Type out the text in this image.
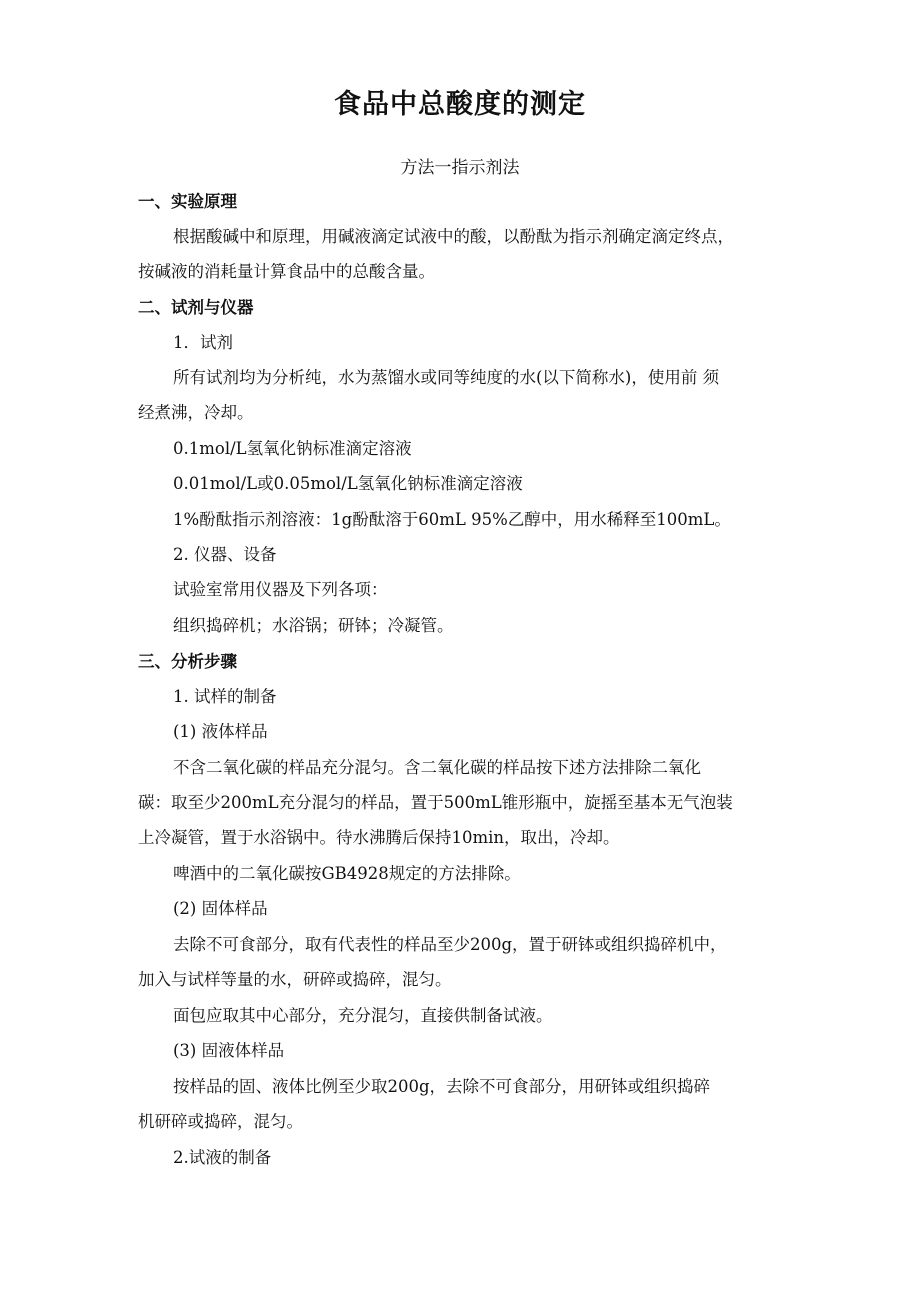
食品中总酸度的测定
方法一指示剂法
一、实验原理
根据酸碱中和原理，用碱液滴定试液中的酸，以酚酞为指示剂确定滴定终点，
按碱液的消耗量计算食品中的总酸含量。
二、试剂与仪器
1．试剂
所有试剂均为分析纯，水为蒸馏水或同等纯度的水(以下简称水)，使用前 须
经煮沸，冷却。
0.1mol/L氢氧化钠标准滴定溶液
0.01mol/L或0.05mol/L氢氧化钠标准滴定溶液
1%酚酞指示剂溶液：1g酚酞溶于60mL 95%乙醇中，用水稀释至100mL。
2. 仪器、设备
试验室常用仪器及下列各项：
组织捣碎机；水浴锅；研钵；冷凝管。
三、分析步骤
1. 试样的制备
(1) 液体样品
不含二氧化碳的样品充分混匀。含二氧化碳的样品按下述方法排除二氧化
碳：取至少200mL充分混匀的样品，置于500mL锥形瓶中，旋摇至基本无气泡装
上冷凝管，置于水浴锅中。待水沸腾后保持10min，取出，冷却。
啤酒中的二氧化碳按GB4928规定的方法排除。
(2) 固体样品
去除不可食部分，取有代表性的样品至少200g，置于研钵或组织捣碎机中，
加入与试样等量的水，研碎或捣碎，混匀。
面包应取其中心部分，充分混匀，直接供制备试液。
(3) 固液体样品
按样品的固、液体比例至少取200g，去除不可食部分，用研钵或组织捣碎
机研碎或捣碎，混匀。
2.试液的制备
